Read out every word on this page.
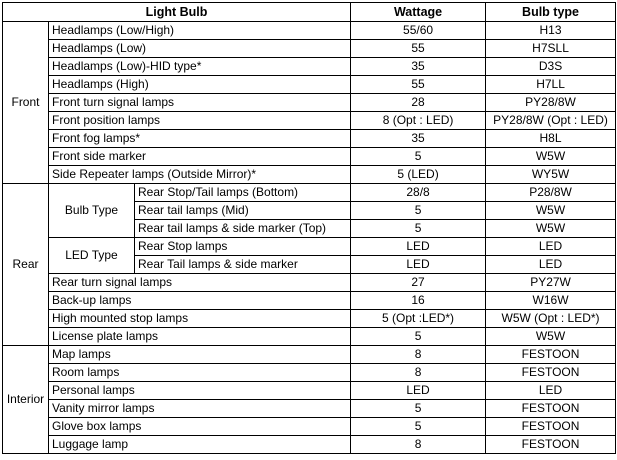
Light Bulb			Wattage	Bulb type
Front	Headlamps (Low/High)		55/60	H13
	Headlamps (Low)		55	H7SLL
	Headlamps (Low)-HID type*		35	D3S
	Headlamps (High)		55	H7LL
	Front turn signal lamps		28	PY28/8W
	Front position lamps		8 (Opt : LED)	PY28/8W (Opt : LED)
	Front fog lamps*		35	H8L
	Front side marker		5	W5W
	Side Repeater lamps (Outside Mirror)*		5 (LED)	WY5W
Rear	Bulb Type	Rear Stop/Tail lamps (Bottom)	28/8	P28/8W
		Rear tail lamps (Mid)	5	W5W
		Rear tail lamps & side marker (Top)	5	W5W
	LED Type	Rear Stop lamps	LED	LED
		Rear Tail lamps & side marker	LED	LED
	Rear turn signal lamps		27	PY27W
	Back-up lamps		16	W16W
	High mounted stop lamps		5 (Opt :LED*)	W5W (Opt : LED*)
	License plate lamps		5	W5W
Interior	Map lamps		8	FESTOON
	Room lamps		8	FESTOON
	Personal lamps		LED	LED
	Vanity mirror lamps		5	FESTOON
	Glove box lamps		5	FESTOON
	Luggage lamp		8	FESTOON
